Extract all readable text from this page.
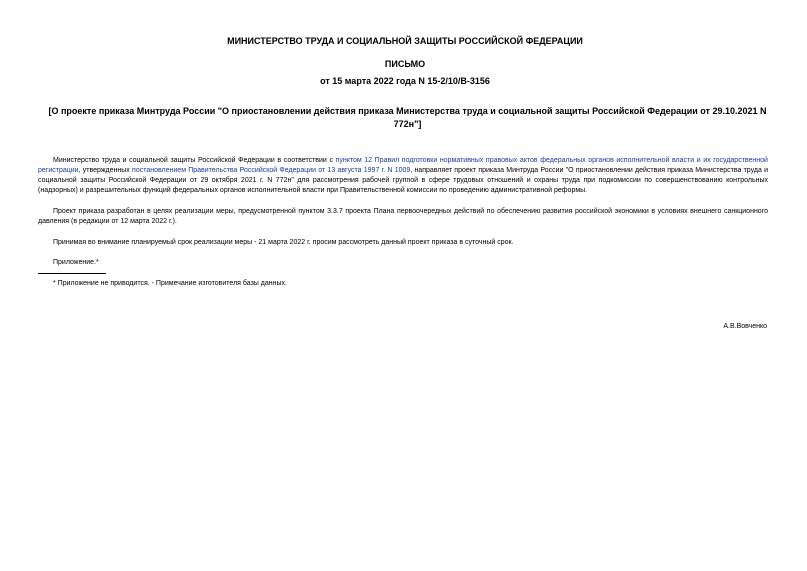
МИНИСТЕРСТВО ТРУДА И СОЦИАЛЬНОЙ ЗАЩИТЫ РОССИЙСКОЙ ФЕДЕРАЦИИ
ПИСЬМО
от 15 марта 2022 года N 15-2/10/В-3156
[О проекте приказа Минтруда России "О приостановлении действия приказа Министерства труда и социальной защиты Российской Федерации от 29.10.2021 N 772н"]

Министерство труда и социальной защиты Российской Федерации в соответствии с пунктом 12 Правил подготовки нормативных правовых актов федеральных органов исполнительной власти и их государственной регистрации, утвержденных постановлением Правительства Российской Федерации от 13 августа 1997 г. N 1009, направляет проект приказа Минтруда России "О приостановлении действия приказа Министерства труда и социальной защиты Российской Федерации от 29 октября 2021 г. N 772н" для рассмотрения рабочей группой в сфере трудовых отношений и охраны труда при подкомиссии по совершенствованию контрольных (надзорных) и разрешительных функций федеральных органов исполнительной власти при Правительственной комиссии по проведению административной реформы.

Проект приказа разработан в целях реализации меры, предусмотренной пунктом 3.3.7 проекта Плана первоочередных действий по обеспечению развития российской экономики в условиях внешнего санкционного давления (в редакции от 12 марта 2022 г.).

Принимая во внимание планируемый срок реализации меры - 21 марта 2022 г. просим рассмотреть данный проект приказа в суточный срок.

Приложение.*

* Приложение не приводится. - Примечание изготовителя базы данных.
А.В.Вовченко
